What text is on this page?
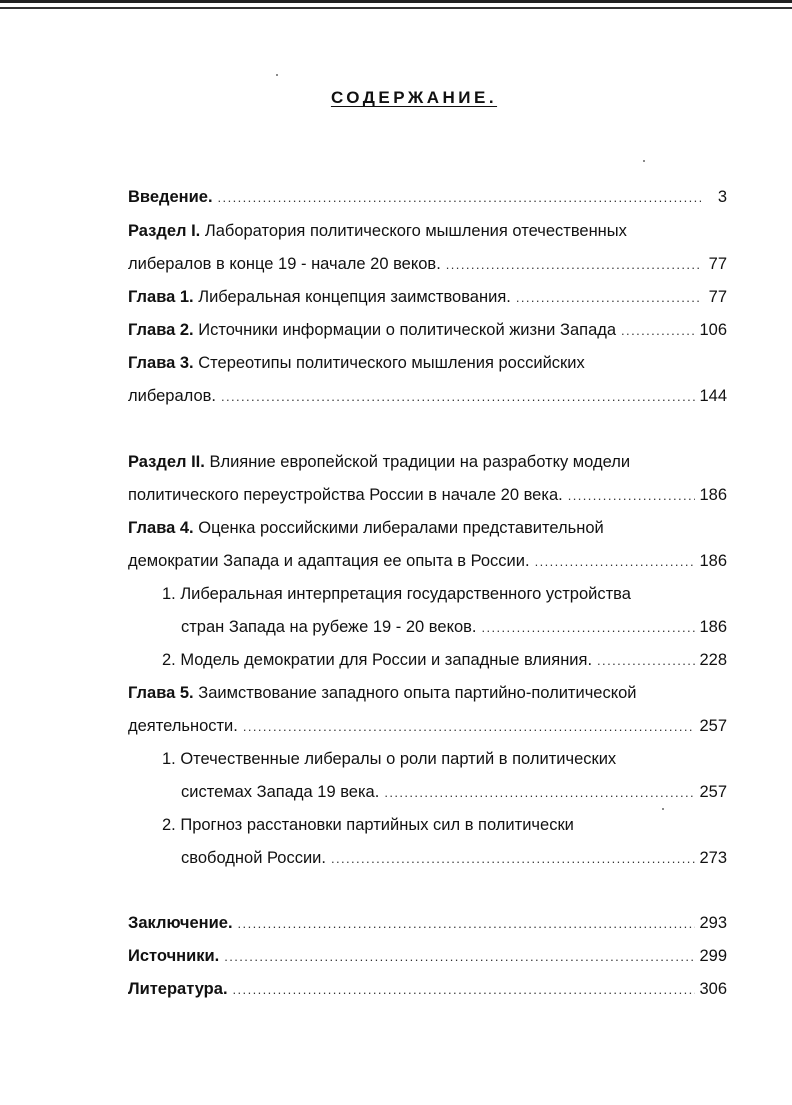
СОДЕРЖАНИЕ.
Введение. .....	3
Раздел I. Лаборатория политического мышления отечественных
либералов в конце 19 - начале 20 веков. .....	77
Глава 1. Либеральная концепция заимствования. .....	77
Глава 2. Источники информации о политической жизни Запада .....	106
Глава 3. Стереотипы политического мышления российских
либералов. .....	144
Раздел II. Влияние европейской традиции на разработку модели
политического переустройства России в начале 20 века. .....	186
Глава 4. Оценка российскими либералами представительной
демократии Запада и адаптация ее опыта в России. .....	186
1. Либеральная интерпретация государственного устройства
стран Запада на рубеже 19 - 20 веков. .....	186
2. Модель демократии для России и западные влияния. .....	228
Глава 5. Заимствование западного опыта партийно-политической
деятельности. .....	257
1. Отечественные либералы о роли партий в политических
системах Запада 19 века. .....	257
2. Прогноз расстановки партийных сил в политически
свободной России. .....	273
Заключение. .....	293
Источники. .....	299
Литература. .....	306
